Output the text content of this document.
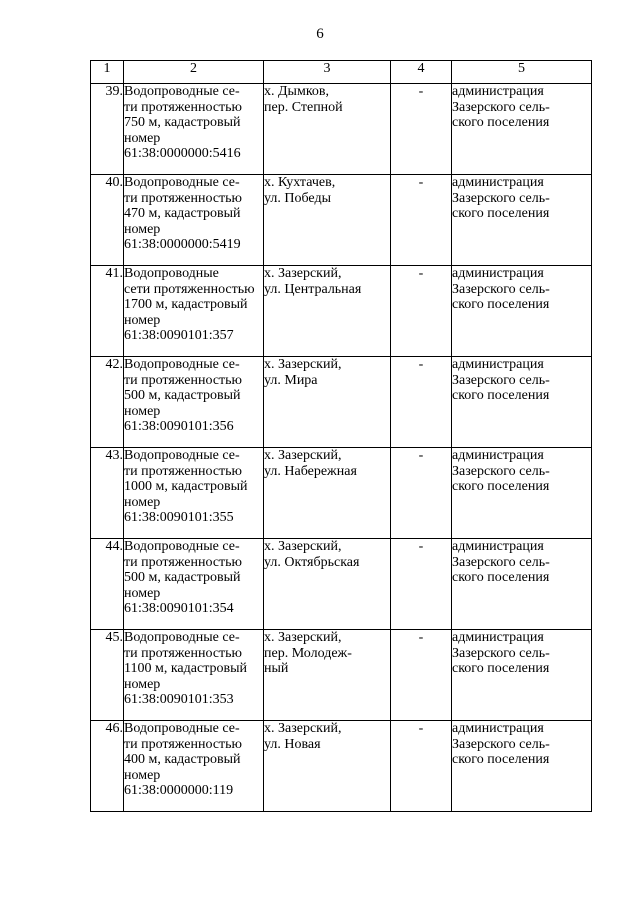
6
1	2	3	4	5
39.	Водопроводные се-
ти протяженностью
750 м, кадастровый
номер
61:38:0000000:5416	х. Дымков,
пер. Степной	-	администрация
Зазерского сель-
ского поселения

40.	Водопроводные се-
ти протяженностью
470 м, кадастровый
номер
61:38:0000000:5419	х. Кухтачев,
ул. Победы	-	администрация
Зазерского сель-
ского поселения

41.	Водопроводные
сети протяженностью
1700 м, кадастровый
номер
61:38:0090101:357	х. Зазерский,
ул. Центральная	-	администрация
Зазерского сель-
ского поселения

42.	Водопроводные се-
ти протяженностью
500 м, кадастровый
номер
61:38:0090101:356	х. Зазерский,
ул. Мира	-	администрация
Зазерского сель-
ского поселения

43.	Водопроводные се-
ти протяженностью
1000 м, кадастровый
номер
61:38:0090101:355	х. Зазерский,
ул. Набережная	-	администрация
Зазерского сель-
ского поселения

44.	Водопроводные се-
ти протяженностью
500 м, кадастровый
номер
61:38:0090101:354	х. Зазерский,
ул. Октябрьская	-	администрация
Зазерского сель-
ского поселения

45.	Водопроводные се-
ти протяженностью
1100 м, кадастровый
номер
61:38:0090101:353	х. Зазерский,
пер. Молодеж-
ный	-	администрация
Зазерского сель-
ского поселения

46.	Водопроводные се-
ти протяженностью
400 м, кадастровый
номер
61:38:0000000:119	х. Зазерский,
ул. Новая	-	администрация
Зазерского сель-
ского поселения
